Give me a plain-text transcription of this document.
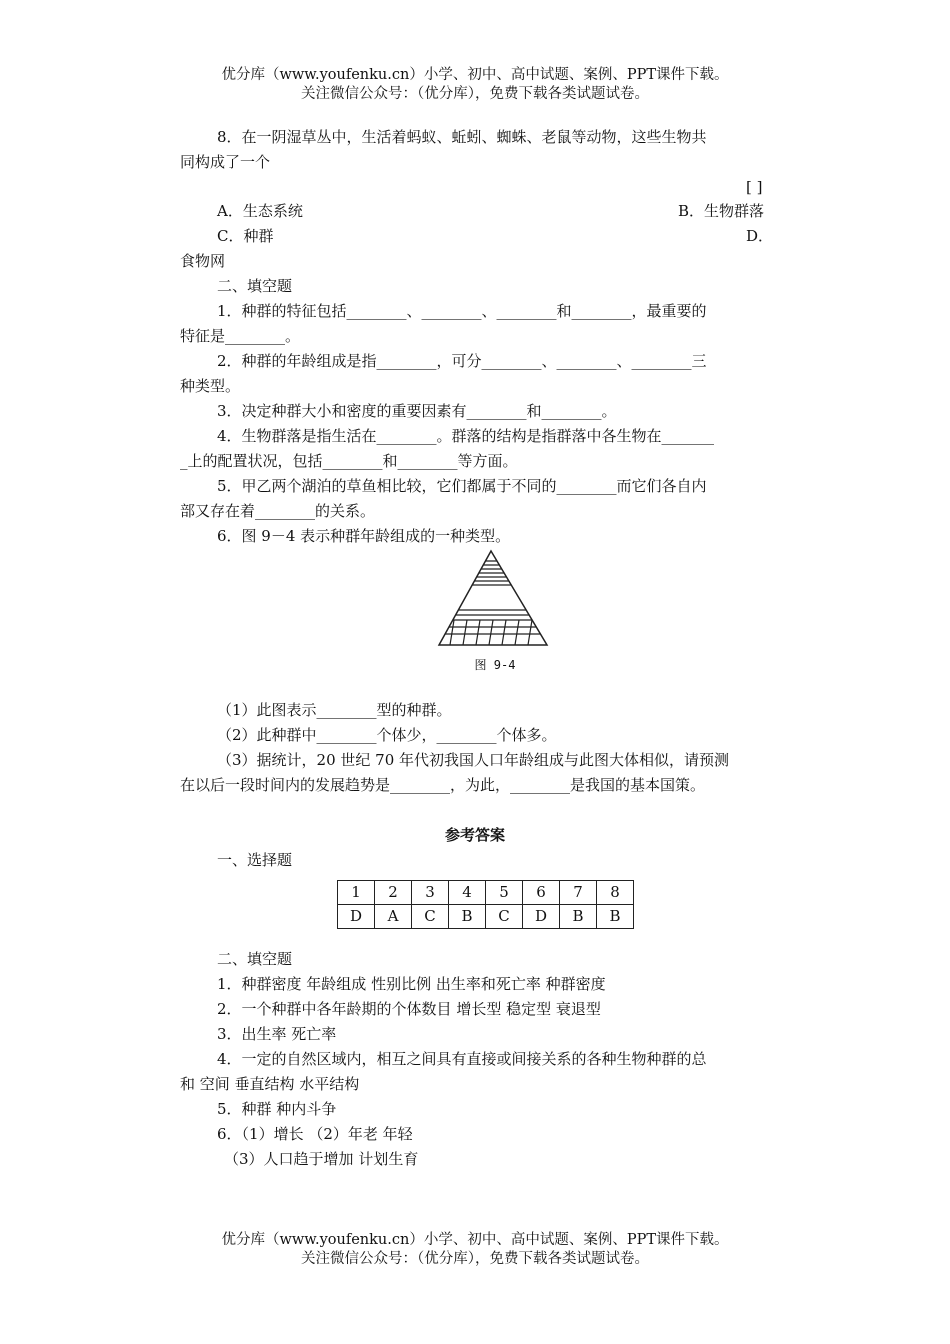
优分库（www.youfenku.cn）小学、初中、高中试题、案例、PPT课件下载。
关注微信公众号：（优分库），免费下载各类试题试卷。
8．在一阴湿草丛中，生活着蚂蚁、蚯蚓、蜘蛛、老鼠等动物，这些生物共
同构成了一个
[ ]
A．生态系统	B．生物群落
C．种群	D．
食物网
二、填空题
1．种群的特征包括________、________、________和________，最重要的
特征是________。
2．种群的年龄组成是指________，可分________、________、________三
种类型。
3．决定种群大小和密度的重要因素有________和________。
4．生物群落是指生活在________。群落的结构是指群落中各生物在_______
_上的配置状况，包括________和________等方面。
5．甲乙两个湖泊的草鱼相比较，它们都属于不同的________而它们各自内
部又存在着________的关系。
6．图 9－4 表示种群年龄组成的一种类型。
图 9-4
（1）此图表示________型的种群。
（2）此种群中________个体少，________个体多。
（3）据统计，20 世纪 70 年代初我国人口年龄组成与此图大体相似，请预测
在以后一段时间内的发展趋势是________，为此，________是我国的基本国策。
参考答案
一、选择题
1	2	3	4	5	6	7	8
D	A	C	B	C	D	B	B
二、填空题
1．种群密度 年龄组成 性别比例 出生率和死亡率 种群密度
2．一个种群中各年龄期的个体数目 增长型 稳定型 衰退型
3．出生率 死亡率
4．一定的自然区域内，相互之间具有直接或间接关系的各种生物种群的总
和 空间 垂直结构 水平结构
5．种群 种内斗争
6．（1）增长 （2）年老 年轻
（3）人口趋于增加 计划生育
优分库（www.youfenku.cn）小学、初中、高中试题、案例、PPT课件下载。
关注微信公众号：（优分库），免费下载各类试题试卷。
